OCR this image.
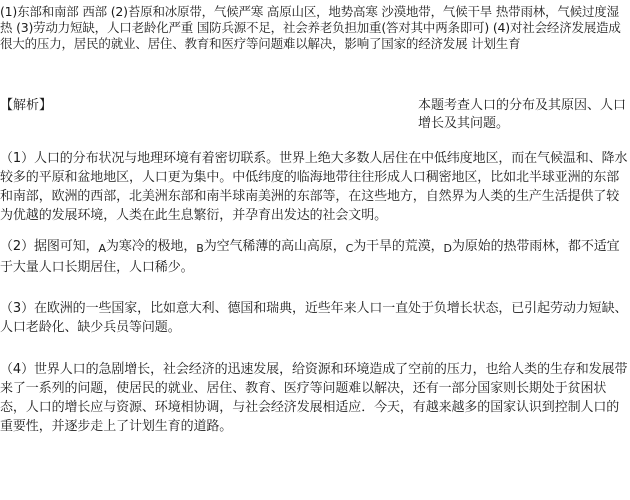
(1)东部和南部 西部 (2)苔原和冰原带，气候严寒 高原山区，地势高寒 沙漠地带，气候干旱 热带雨林，气候过度湿热 (3)劳动力短缺，人口老龄化严重 国防兵源不足，社会养老负担加重(答对其中两条即可) (4)对社会经济发展造成很大的压力，居民的就业、居住、教育和医疗等问题难以解决，影响了国家的经济发展 计划生育
【解析】	本题考查人口的分布及其原因、人口增长及其问题。
（1）人口的分布状况与地理环境有着密切联系。世界上绝大多数人居住在中低纬度地区，而在气候温和、降水较多的平原和盆地地区，人口更为集中。中低纬度的临海地带往往形成人口稠密地区，比如北半球亚洲的东部和南部，欧洲的西部，北美洲东部和南半球南美洲的东部等，在这些地方，自然界为人类的生产生活提供了较为优越的发展环境，人类在此生息繁衍，并孕育出发达的社会文明。
（2）据图可知，A为寒冷的极地，B为空气稀薄的高山高原，C为干旱的荒漠，D为原始的热带雨林，都不适宜于大量人口长期居住，人口稀少。
（3）在欧洲的一些国家，比如意大利、德国和瑞典，近些年来人口一直处于负增长状态，已引起劳动力短缺、人口老龄化、缺少兵员等问题。
（4）世界人口的急剧增长，社会经济的迅速发展，给资源和环境造成了空前的压力，也给人类的生存和发展带来了一系列的问题，使居民的就业、居住、教育、医疗等问题难以解决，还有一部分国家则长期处于贫困状态，人口的增长应与资源、环境相协调，与社会经济发展相适应．今天，有越来越多的国家认识到控制人口的重要性，并逐步走上了计划生育的道路。
